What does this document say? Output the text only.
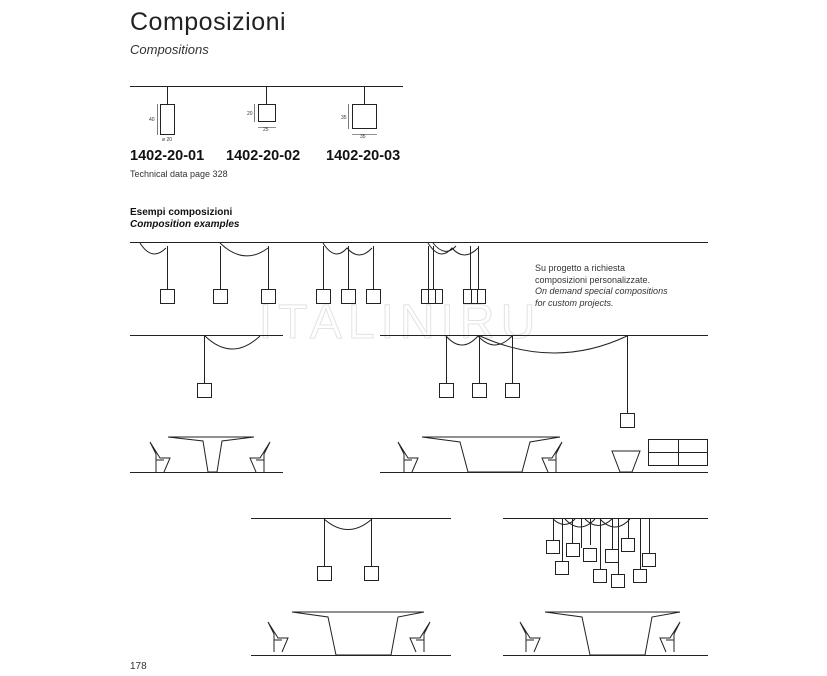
Composizioni
Compositions
1402-20-01 1402-20-02 1402-20-03
Technical data page 328
Esempi composizioni
Composition examples
Su progetto a richiesta
composizioni personalizzate.
On demand special compositions
for custom projects.
178
ITALINIRU
40
ø 20
20
25
35
35
